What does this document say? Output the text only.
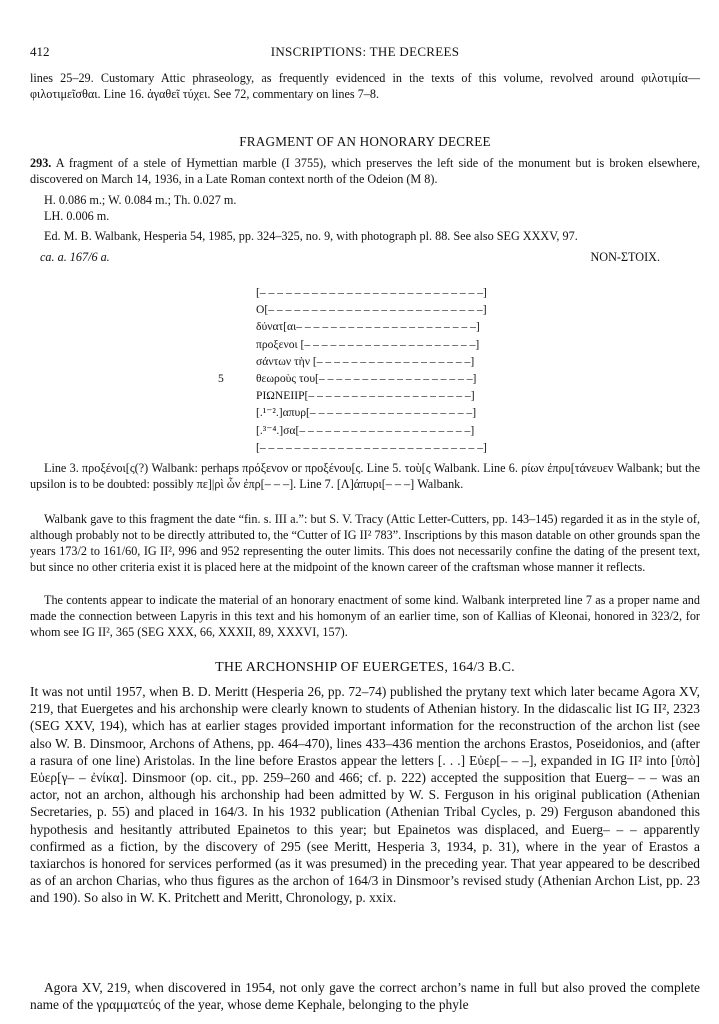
412	INSCRIPTIONS: THE DECREES

lines 25–29. Customary Attic phraseology, as frequently evidenced in the texts of this volume, revolved around φιλοτιμία—φιλοτιμεῖσθαι. Line 16. ἀγαθεῖ τύχει. See 72, commentary on lines 7–8.

FRAGMENT OF AN HONORARY DECREE

293. A fragment of a stele of Hymettian marble (I 3755), which preserves the left side of the monument but is broken elsewhere, discovered on March 14, 1936, in a Late Roman context north of the Odeion (M 8).

H. 0.086 m.; W. 0.084 m.; Th. 0.027 m.
LH. 0.006 m.
Ed. M. B. Walbank, Hesperia 54, 1985, pp. 324–325, no. 9, with photograph pl. 88. See also SEG XXXV, 97.
ca. a. 167/6 a.	NON-ΣΤΟΙΧ.
[– – – – – – – – – – – – – – – – – – – – – – – – – –]
O[– – – – – – – – – – – – – – – – – – – – – – – – –]
δύνατ[αι– – – – – – – – – – – – – – – – – – – – –]
προξενοι [– – – – – – – – – – – – – – – – – – – –]
σάντων τὴν [– – – – – – – – – – – – – – – – – –]
5	θεωροὺς του[– – – – – – – – – – – – – – – – – –]
PIΩNEIIP[– – – – – – – – – – – – – – – – – – –]
[.¹⁻².]απυρ[– – – – – – – – – – – – – – – – – – –]
[.³⁻⁴.]σα[– – – – – – – – – – – – – – – – – – – –]
[– – – – – – – – – – – – – – – – – – – – – – – – – –]

Line 3. προξένοι[ς(?) Walbank: perhaps πρόξενον or προξένου[ς. Line 5. τοὺ[ς Walbank. Line 6. ρίων ἐπρυ[τάνευεν Walbank; but the upsilon is to be doubted: possibly πε]|ρὶ ὧν ἐπρ[– – –]. Line 7. [Λ]άπυρι[– – –] Walbank.

Walbank gave to this fragment the date “fin. s. III a.”: but S. V. Tracy (Attic Letter-Cutters, pp. 143–145) regarded it as in the style of, although probably not to be directly attributed to, the “Cutter of IG II² 783”. Inscriptions by this mason datable on other grounds span the years 173/2 to 161/60, IG II², 996 and 952 representing the outer limits. This does not necessarily confine the dating of the present text, but since no other criteria exist it is placed here at the midpoint of the known career of the craftsman whose manner it reflects.

The contents appear to indicate the material of an honorary enactment of some kind. Walbank interpreted line 7 as a proper name and made the connection between Lapyris in this text and his homonym of an earlier time, son of Kallias of Kleonai, honored in 323/2, for whom see IG II², 365 (SEG XXX, 66, XXXII, 89, XXXVI, 157).

THE ARCHONSHIP OF EUERGETES, 164/3 B.C.

It was not until 1957, when B. D. Meritt (Hesperia 26, pp. 72–74) published the prytany text which later became Agora XV, 219, that Euergetes and his archonship were clearly known to students of Athenian history. In the didascalic list IG II², 2323 (SEG XXV, 194), which has at earlier stages provided important information for the reconstruction of the archon list (see also W. B. Dinsmoor, Archons of Athens, pp. 464–470), lines 433–436 mention the archons Erastos, Poseidonios, and (after a rasura of one line) Aristolas. In the line before Erastos appear the letters [. . .] Eὐερ[– – –], expanded in IG II² into [ὑπὸ] Eὐερ[γ– – ἐνίκα]. Dinsmoor (op. cit., pp. 259–260 and 466; cf. p. 222) accepted the supposition that Euerg– – – was an actor, not an archon, although his archonship had been admitted by W. S. Ferguson in his original publication (Athenian Secretaries, p. 55) and placed in 164/3. In his 1932 publication (Athenian Tribal Cycles, p. 29) Ferguson abandoned this hypothesis and hesitantly attributed Epainetos to this year; but Epainetos was displaced, and Euerg– – – apparently confirmed as a fiction, by the discovery of 295 (see Meritt, Hesperia 3, 1934, p. 31), where in the year of Erastos a taxiarchos is honored for services performed (as it was presumed) in the preceding year. That year appeared to be described as of an archon Charias, who thus figures as the archon of 164/3 in Dinsmoor’s revised study (Athenian Archon List, pp. 23 and 190). So also in W. K. Pritchett and Meritt, Chronology, p. xxix.

Agora XV, 219, when discovered in 1954, not only gave the correct archon’s name in full but also proved the complete name of the γραμματεύς of the year, whose deme Kephale, belonging to the phyle
